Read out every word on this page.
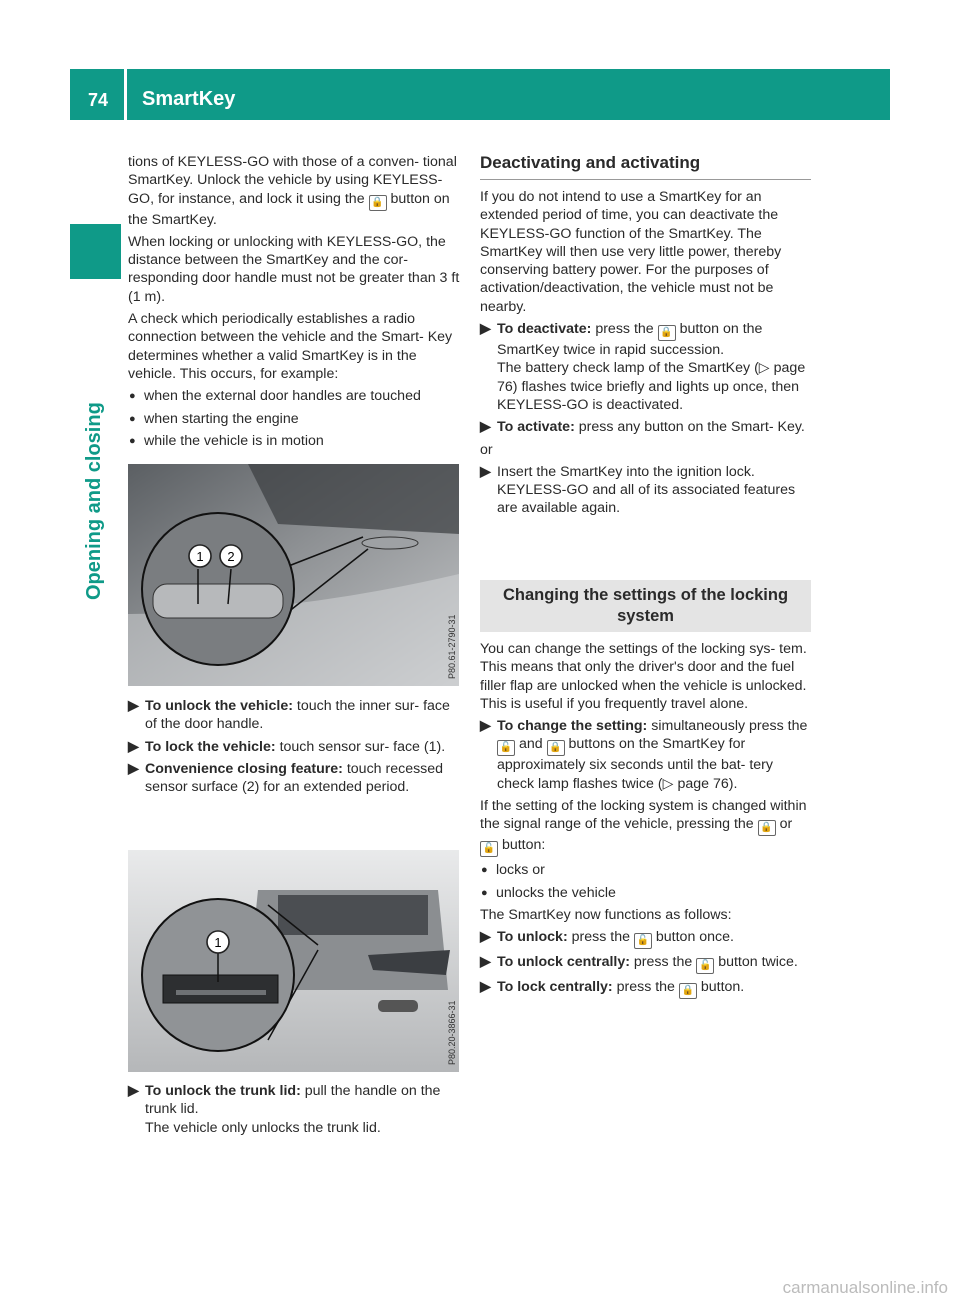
74 SmartKey
Opening and closing

tions of KEYLESS-GO with those of a conven- tional SmartKey. Unlock the vehicle by using KEYLESS-GO, for instance, and lock it using the 🔒 button on the SmartKey.

When locking or unlocking with KEYLESS-GO, the distance between the SmartKey and the cor- responding door handle must not be greater than 3 ft (1 m).

A check which periodically establishes a radio connection between the vehicle and the Smart- Key determines whether a valid SmartKey is in the vehicle. This occurs, for example:

● when the external door handles are touched
● when starting the engine
● while the vehicle is in motion
1 2
P80.61-2790-31
▶ To unlock the vehicle: touch the inner sur- face of the door handle.
▶ To lock the vehicle: touch sensor sur- face (1).
▶ Convenience closing feature: touch recessed sensor surface (2) for an extended period.
1
P80.20-3866-31
▶ To unlock the trunk lid: pull the handle on the trunk lid.
The vehicle only unlocks the trunk lid.
Deactivating and activating

If you do not intend to use a SmartKey for an extended period of time, you can deactivate the KEYLESS-GO function of the SmartKey. The SmartKey will then use very little power, thereby conserving battery power. For the purposes of activation/deactivation, the vehicle must not be nearby.

▶ To deactivate: press the 🔒 button on the SmartKey twice in rapid succession.
The battery check lamp of the SmartKey (▷ page 76) flashes twice briefly and lights up once, then KEYLESS-GO is deactivated.
▶ To activate: press any button on the Smart- Key.

or

▶ Insert the SmartKey into the ignition lock. KEYLESS-GO and all of its associated features are available again.
Changing the settings of the locking system

You can change the settings of the locking sys- tem. This means that only the driver's door and the fuel filler flap are unlocked when the vehicle is unlocked. This is useful if you frequently travel alone.

▶ To change the setting: simultaneously press the 🔓 and 🔒 buttons on the SmartKey for approximately six seconds until the bat- tery check lamp flashes twice (▷ page 76).

If the setting of the locking system is changed within the signal range of the vehicle, pressing the 🔒 or 🔓 button:

● locks or
● unlocks the vehicle

The SmartKey now functions as follows:

▶ To unlock: press the 🔓 button once.
▶ To unlock centrally: press the 🔓 button twice.
▶ To lock centrally: press the 🔒 button.
carmanualsonline.info
